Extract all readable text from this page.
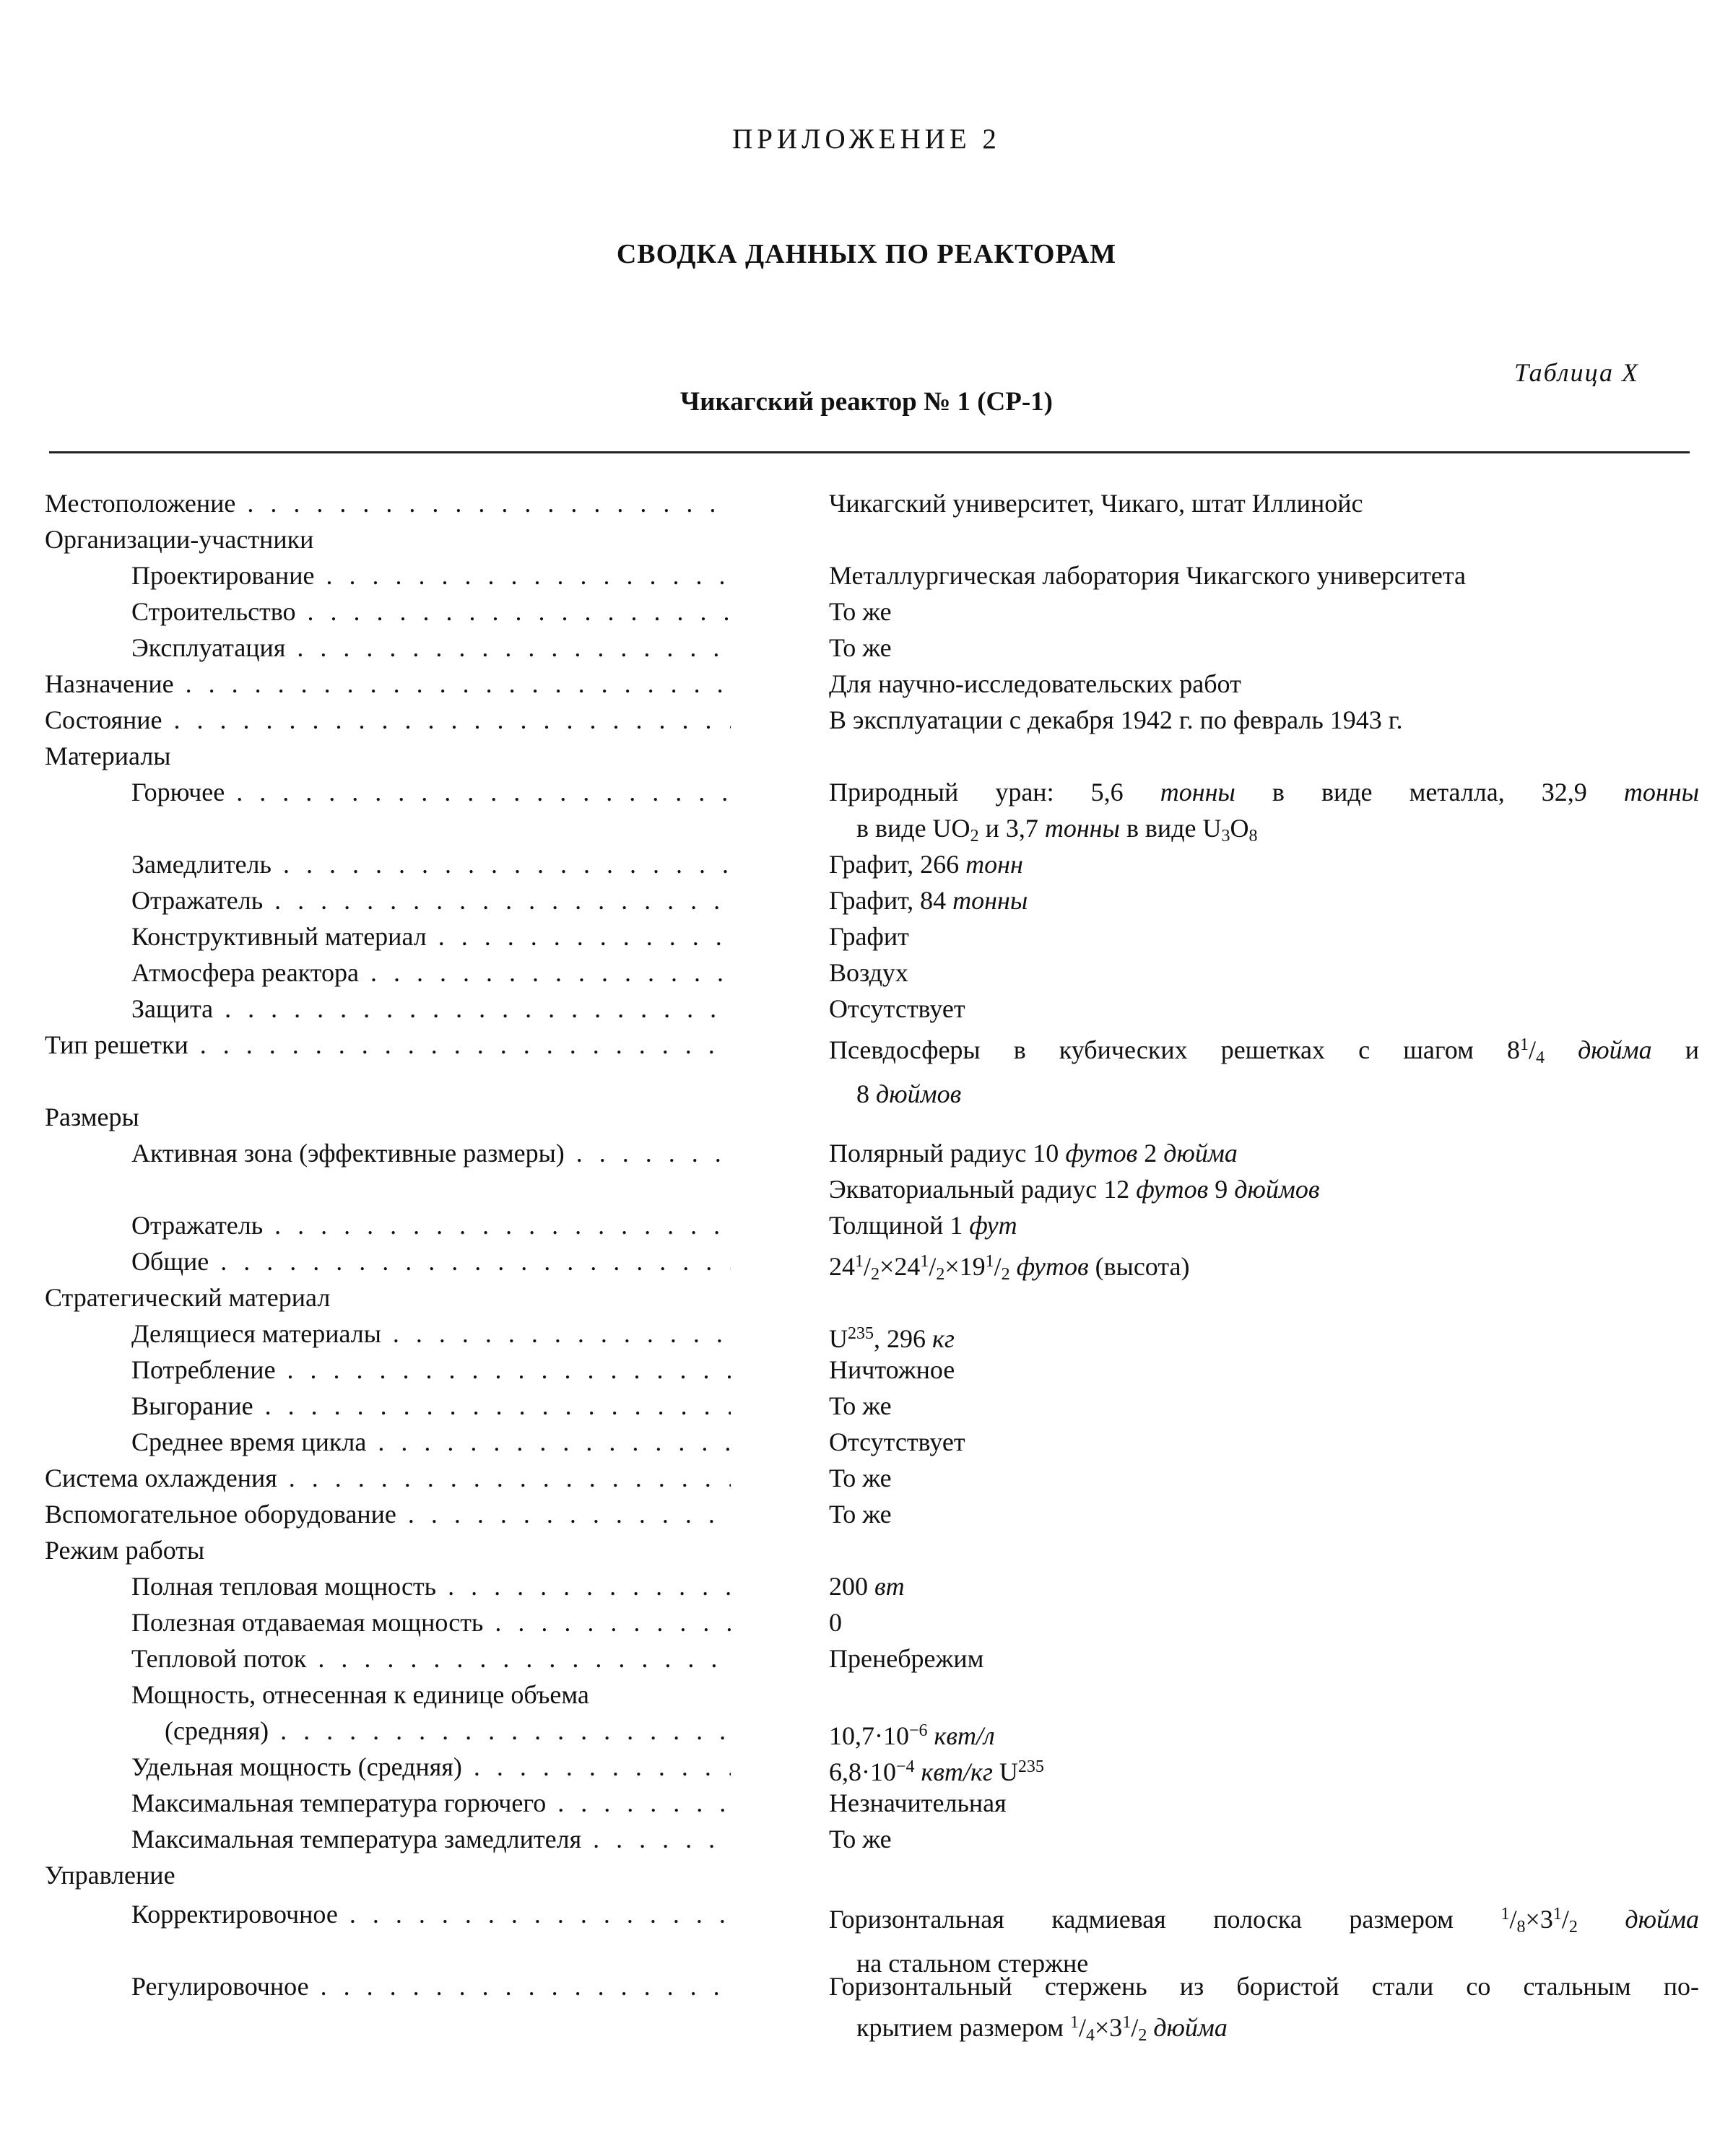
ПРИЛОЖЕНИЕ 2
СВОДКА ДАННЫХ ПО РЕАКТОРАМ
Таблица X
Чикагский реактор № 1 (СР-1)
Местоположение . . .	Чикагский университет, Чикаго, штат Иллинойс
Организации-участники
Проектирование . . .	Металлургическая лаборатория Чикагского университета
Строительство . . .	То же
Эксплуатация . . .	То же
Назначение . . .	Для научно-исследовательских работ
Состояние . . .	В эксплуатации с декабря 1942 г. по февраль 1943 г.
Материалы
Горючее . . .	Природный уран: 5,6 тонны в виде металла, 32,9 тонны
в виде $UO_2$ и 3,7 тонны в виде $U_3O_8$
Замедлитель . . .	Графит, 266 тонн
Отражатель . . .	Графит, 84 тонны
Конструктивный материал . . .	Графит
Атмосфера реактора . . .	Воздух
Защита . . .	Отсутствует
Тип решетки . . .	Псевдосферы в кубических решетках с шагом $8^1/_4$ дюйма и
8 дюймов
Размеры
Активная зона (эффективные размеры) . . .	Полярный радиус 10 футов 2 дюйма
Экваториальный радиус 12 футов 9 дюймов
Отражатель . . .	Толщиной 1 фут
Общие . . .	$24^1/_2\times 24^1/_2\times 19^1/_2$ футов (высота)
Стратегический материал
Делящиеся материалы . . .	$U^{235}$, 296 кг
Потребление . . .	Ничтожное
Выгорание . . .	То же
Среднее время цикла . . .	Отсутствует
Система охлаждения . . .	То же
Вспомогательное оборудование . . .	То же
Режим работы
Полная тепловая мощность . . .	200 вт
Полезная отдаваемая мощность . . .	0
Тепловой поток . . .	Пренебрежим
Мощность, отнесенная к единице объема
(средняя) . . .	$10,7\cdot 10^{-6}$ квт/л
Удельная мощность (средняя) . . .	$6,8\cdot 10^{-4}$ квт/кг $U^{235}$
Максимальная температура горючего . . .	Незначительная
Максимальная температура замедлителя . . .	То же
Управление
Корректировочное . . .	Горизонтальная кадмиевая полоска размером $^1/_8\times 3^1/_2$ дюйма
на стальном стержне
Регулировочное . . .	Горизонтальный стержень из бористой стали со стальным по-
крытием размером $^1/_4\times 3^1/_2$ дюйма
